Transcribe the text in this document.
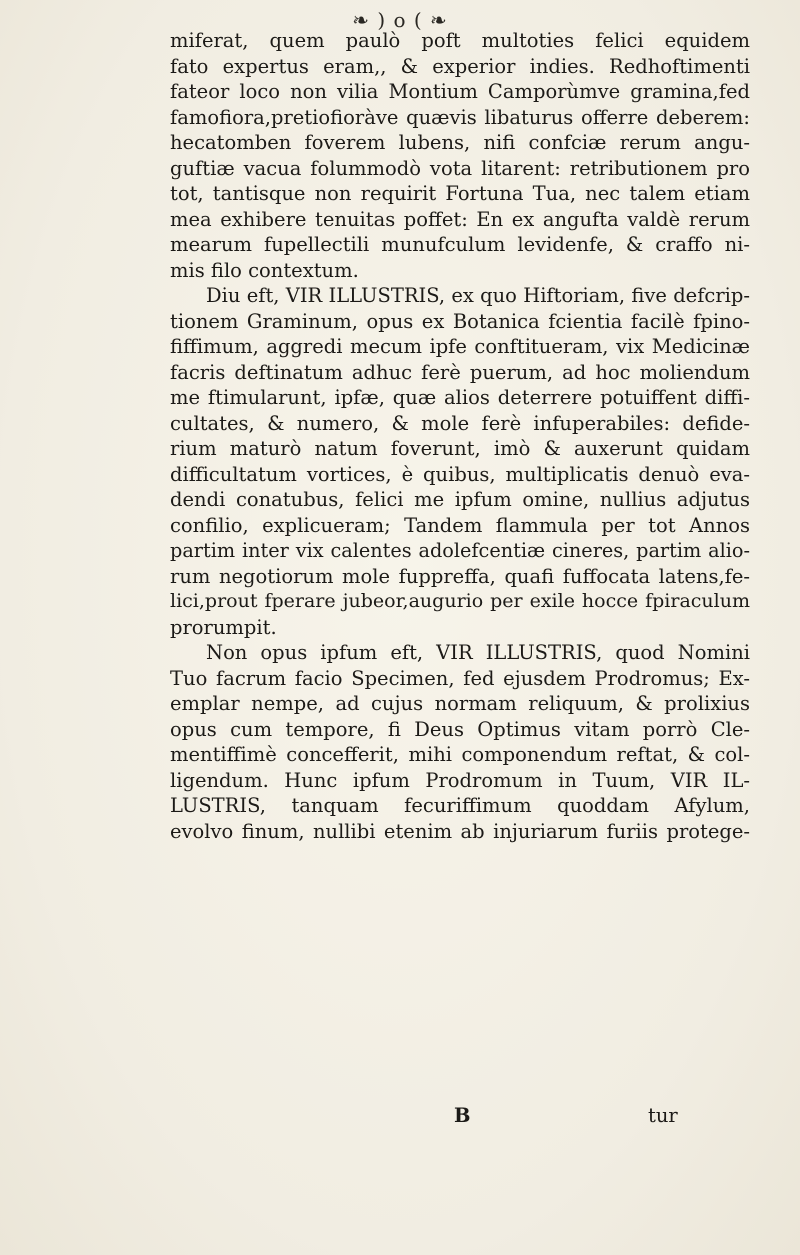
❧ ) o ( ❧
miferat, quem paulò poft multoties felici equidem
fato expertus eram,, & experior indies. Redhoftimenti
fateor loco non vilia Montium Camporùmve gramina,fed
famofiora,pretiofioràve quævis libaturus offerre deberem:
hecatomben foverem lubens, nifi confciæ rerum angu-
guftiæ vacua folummodò vota litarent: retributionem pro
tot, tantisque non requirit Fortuna Tua, nec talem etiam
mea exhibere tenuitas poffet: En ex angufta valdè rerum
mearum fupellectili munufculum levidenfe, & craffo ni-
mis filo contextum.
Diu eft, VIR ILLUSTRIS, ex quo Hiftoriam, five defcrip-
tionem Graminum, opus ex Botanica fcientia facilè fpino-
fiffimum, aggredi mecum ipfe conftitueram, vix Medicinæ
facris deftinatum adhuc ferè puerum, ad hoc moliendum
me ftimularunt, ipfæ, quæ alios deterrere potuiffent diffi-
cultates, & numero, & mole ferè infuperabiles: defide-
rium maturò natum foverunt, imò & auxerunt quidam
difficultatum vortices, è quibus, multiplicatis denuò eva-
dendi conatubus, felici me ipfum omine, nullius adjutus
confilio, explicueram; Tandem flammula per tot Annos
partim inter vix calentes adolefcentiæ cineres, partim alio-
rum negotiorum mole fuppreffa, quafi fuffocata latens,fe-
lici,prout fperare jubeor,augurio per exile hocce fpiraculum
prorumpit.
Non opus ipfum eft, VIR ILLUSTRIS, quod Nomini
Tuo facrum facio Specimen, fed ejusdem Prodromus; Ex-
emplar nempe, ad cujus normam reliquum, & prolixius
opus cum tempore, fi Deus Optimus vitam porrò Cle-
mentiffimè concefferit, mihi componendum reftat, & col-
ligendum. Hunc ipfum Prodromum in Tuum, VIR IL-
LUSTRIS, tanquam fecuriffimum quoddam Afylum,
evolvo finum, nullibi etenim ab injuriarum furiis protege-
B	tur
